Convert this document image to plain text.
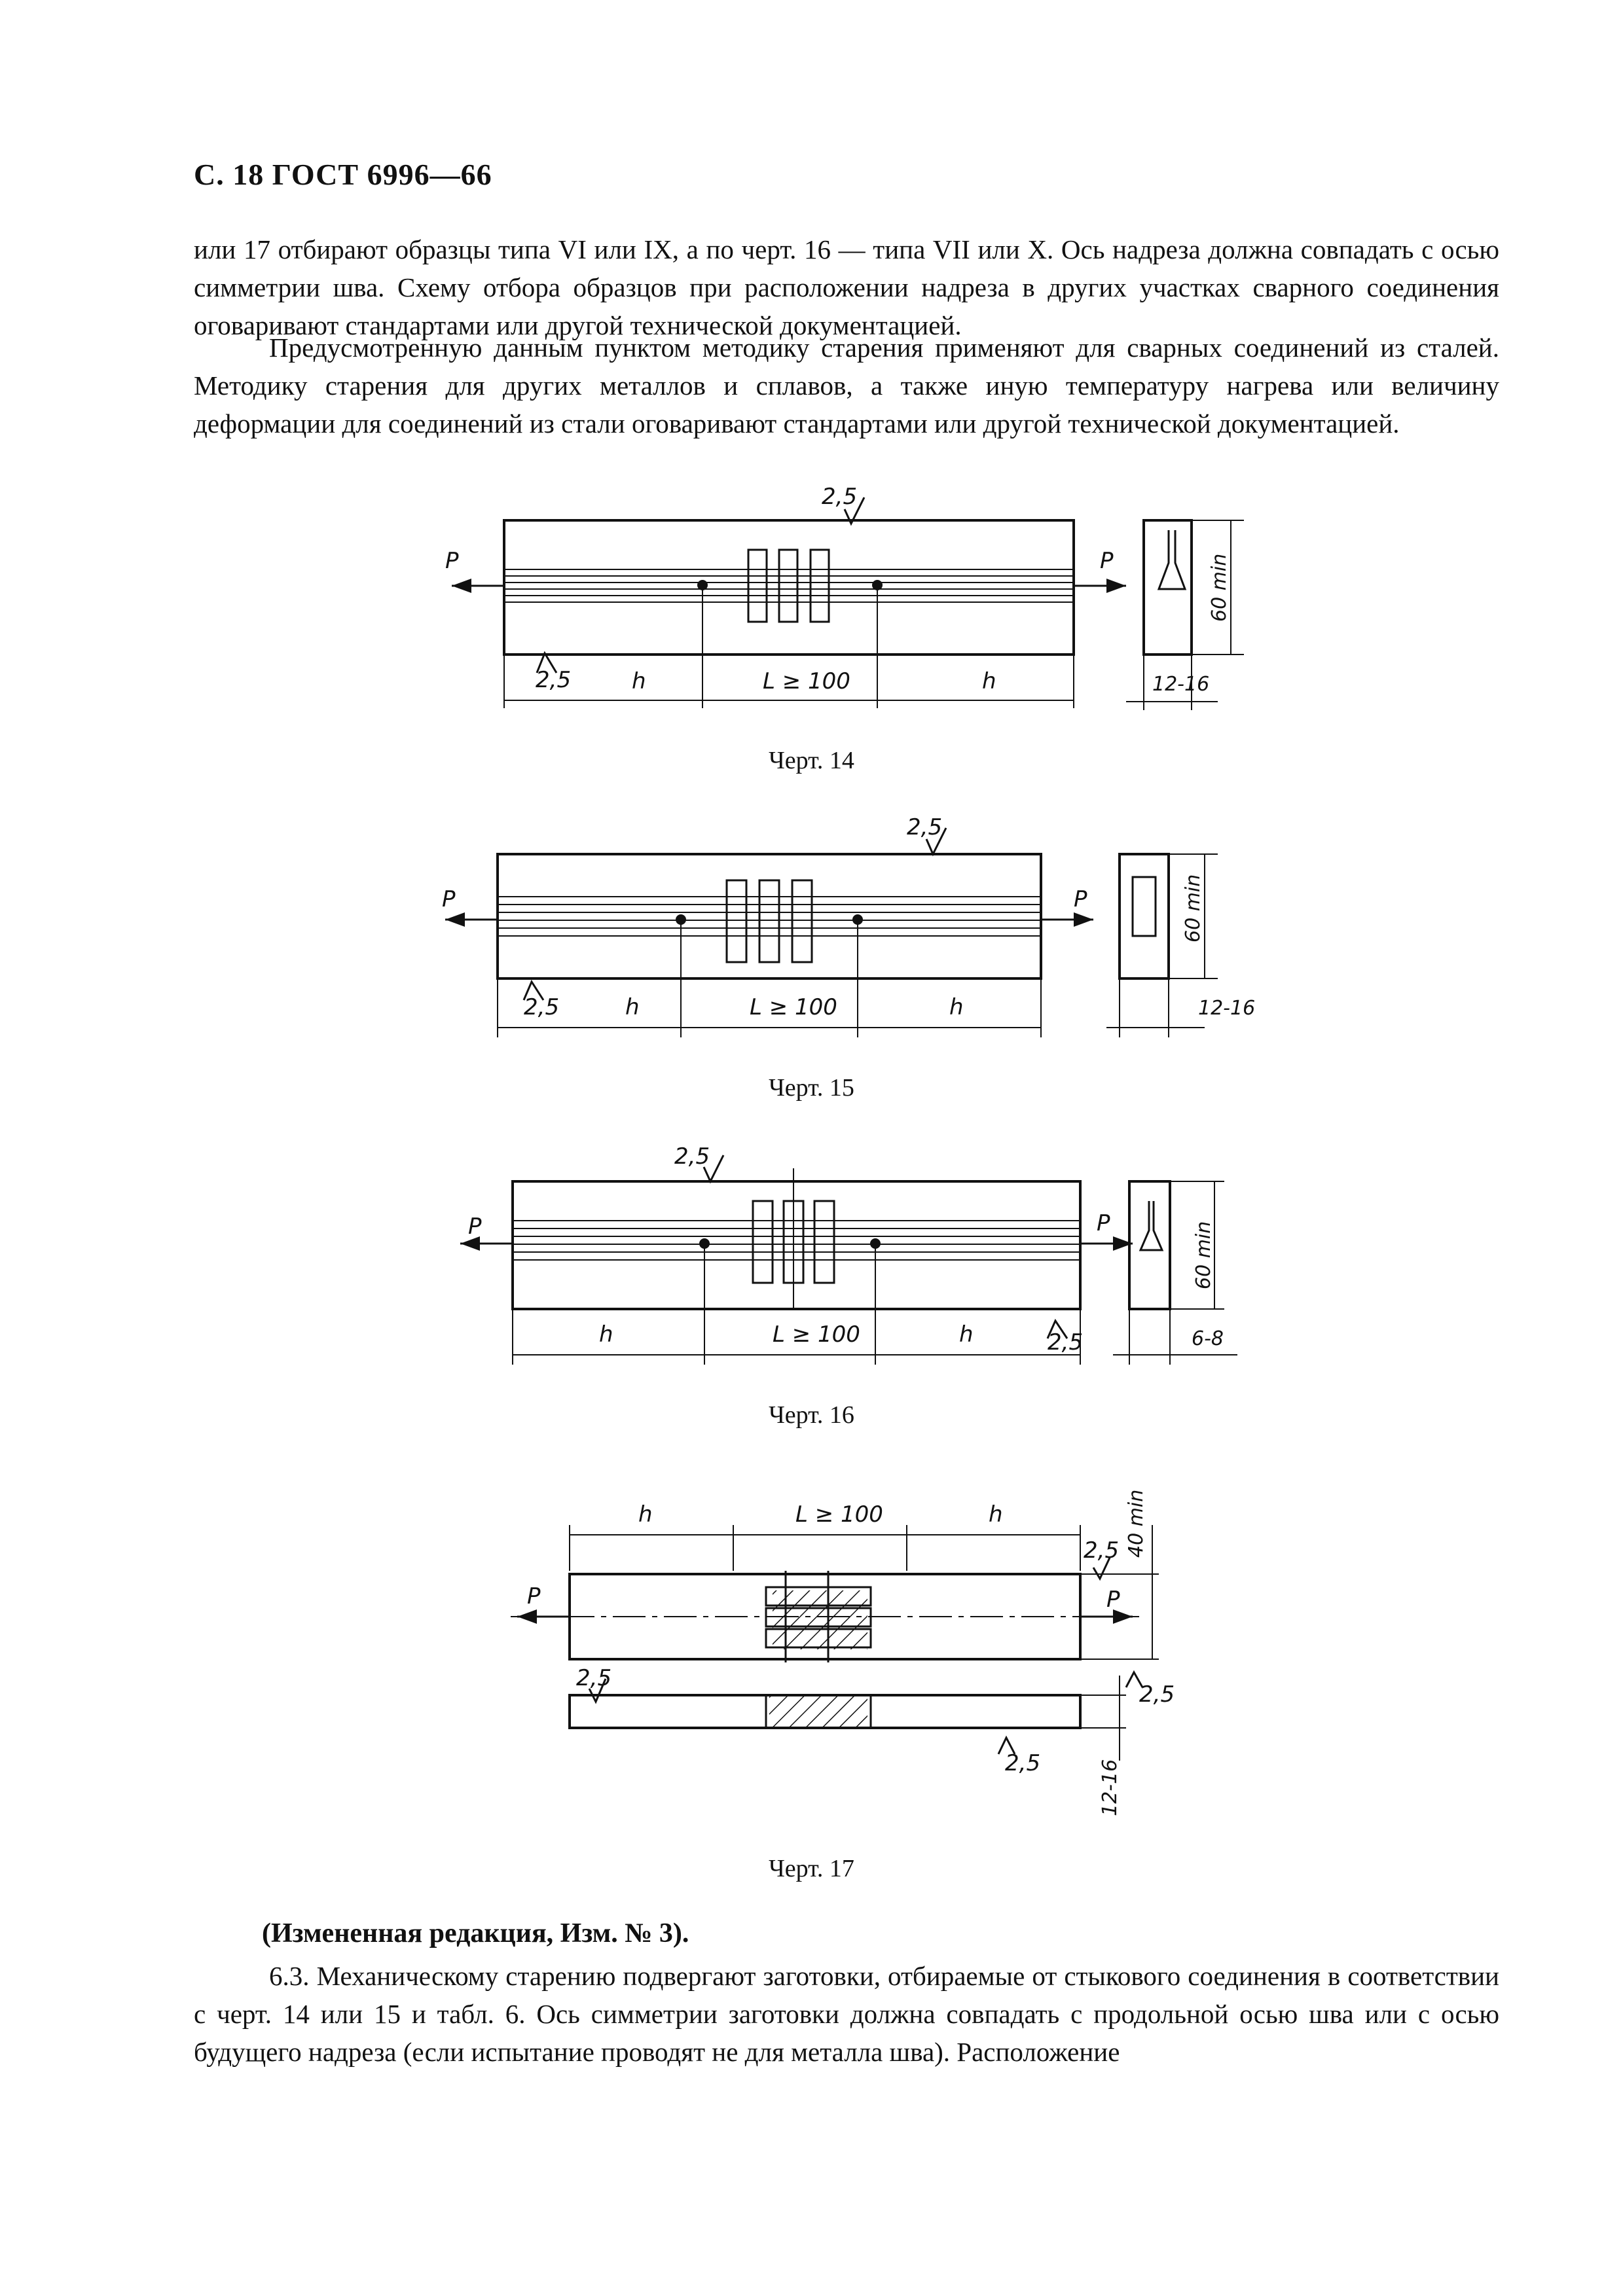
С. 18 ГОСТ 6996—66

или 17 отбирают образцы типа VI или IX, а по черт. 16 — типа VII или X. Ось надреза должна совпадать с осью симметрии шва. Схему отбора образцов при расположении надреза в других участках сварного соединения оговаривают стандартами или другой технической документацией.

Предусмотренную данным пунктом методику старения применяют для сварных соединений из сталей. Методику старения для других металлов и сплавов, а также иную температуру нагрева или величину деформации для соединений из стали оговаривают стандартами или другой технической документацией.

P	P
2,5
2,5	h	L ≥ 100	h
60 min
12-16
Черт. 14
P	P
2,5
2,5	h	L ≥ 100	h
60 min
12-16
Черт. 15
P	P
2,5
2,5
h	L ≥ 100	h
60 min
6-8
Черт. 16
h	L ≥ 100	h
P	P
40 min
2,5
2,5
2,5
2,5	12-16
Черт. 17
(Измененная редакция, Изм. № 3).

6.3. Механическому старению подвергают заготовки, отбираемые от стыкового соединения в соответствии с черт. 14 или 15 и табл. 6. Ось симметрии заготовки должна совпадать с продольной осью шва или с осью будущего надреза (если испытание проводят не для металла шва). Расположение
